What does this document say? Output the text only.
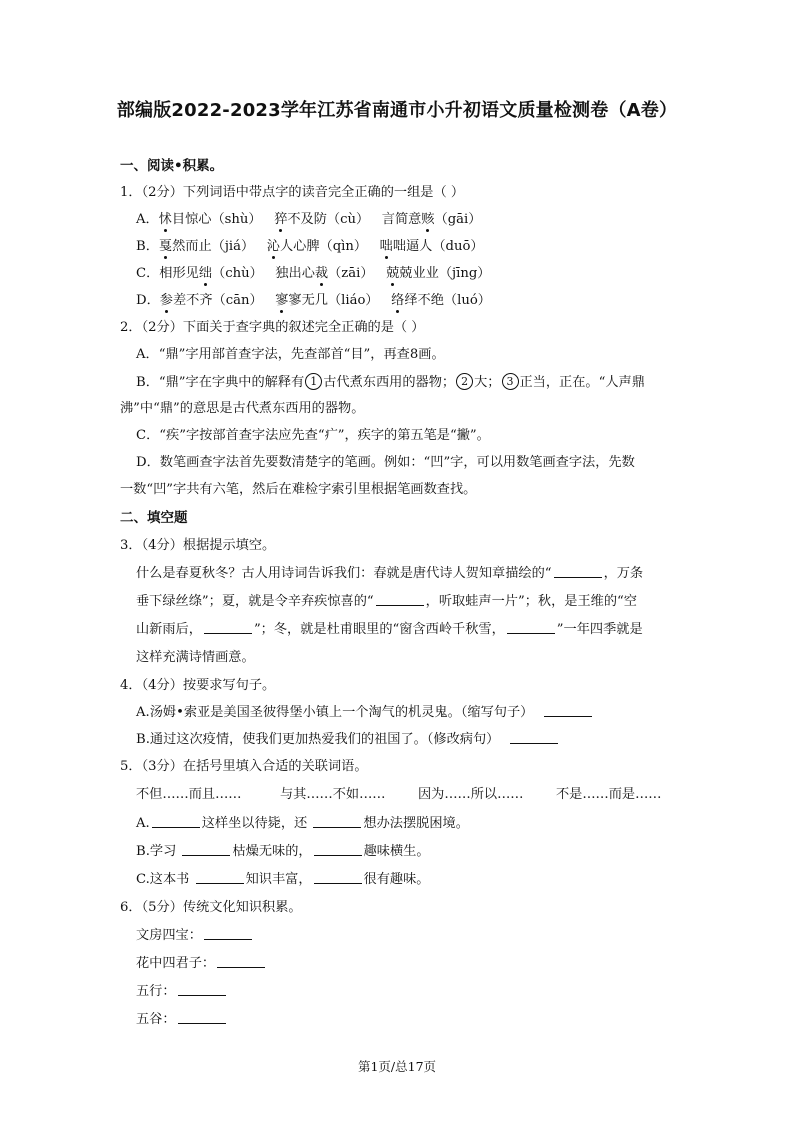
部编版2022-2023学年江苏省南通市小升初语文质量检测卷（A卷）
一、阅读•积累。
1．（2分）下列词语中带点字的读音完全正确的一组是（ ）
A．怵目惊心（shù） 猝不及防（cù） 言简意赅（gāi）
B．戛然而止（jiá） 沁人心脾（qìn） 咄咄逼人（duō）
C．相形见绌（chù） 独出心裁（zāi） 兢兢业业（jīng）
D．参差不齐（cān） 寥寥无几（liáo） 络绎不绝（luó）
2．（2分）下面关于查字典的叙述完全正确的是（ ）
A．“鼎”字用部首查字法，先查部首“目”，再查8画。
B．“鼎”字在字典中的解释有 1 古代煮东西用的器物； 2 大； 3 正当，正在。“人声鼎
沸”中“鼎”的意思是古代煮东西用的器物。
C．“疾”字按部首查字法应先查“疒”，疾字的第五笔是“撇”。
D．数笔画查字法首先要数清楚字的笔画。例如：“凹”字，可以用数笔画查字法，先数
一数“凹”字共有六笔，然后在难检字索引里根据笔画数查找。
二、填空题
3．（4分）根据提示填空。
什么是春夏秋冬？古人用诗词告诉我们：春就是唐代诗人贺知章描绘的“	，万条
垂下绿丝绦”；夏，就是令辛弃疾惊喜的“	，听取蛙声一片”；秋，是王维的“空
山新雨后，	”；冬，就是杜甫眼里的“窗含西岭千秋雪，	”一年四季就是
这样充满诗情画意。
4．（4分）按要求写句子。
A.汤姆•索亚是美国圣彼得堡小镇上一个淘气的机灵鬼。（缩写句子）
B.通过这次疫情，使我们更加热爱我们的祖国了。（修改病句）
5．（3分）在括号里填入合适的关联词语。
不但……而且……	与其……不如…… 因为……所以…… 不是……而是……
A.	这样坐以待毙，还	想办法摆脱困境。
B.学习	枯燥无味的，	趣味横生。
C.这本书	知识丰富，	很有趣味。
6．（5分）传统文化知识积累。
文房四宝：
花中四君子：
五行：
五谷：
第1页/总17页
